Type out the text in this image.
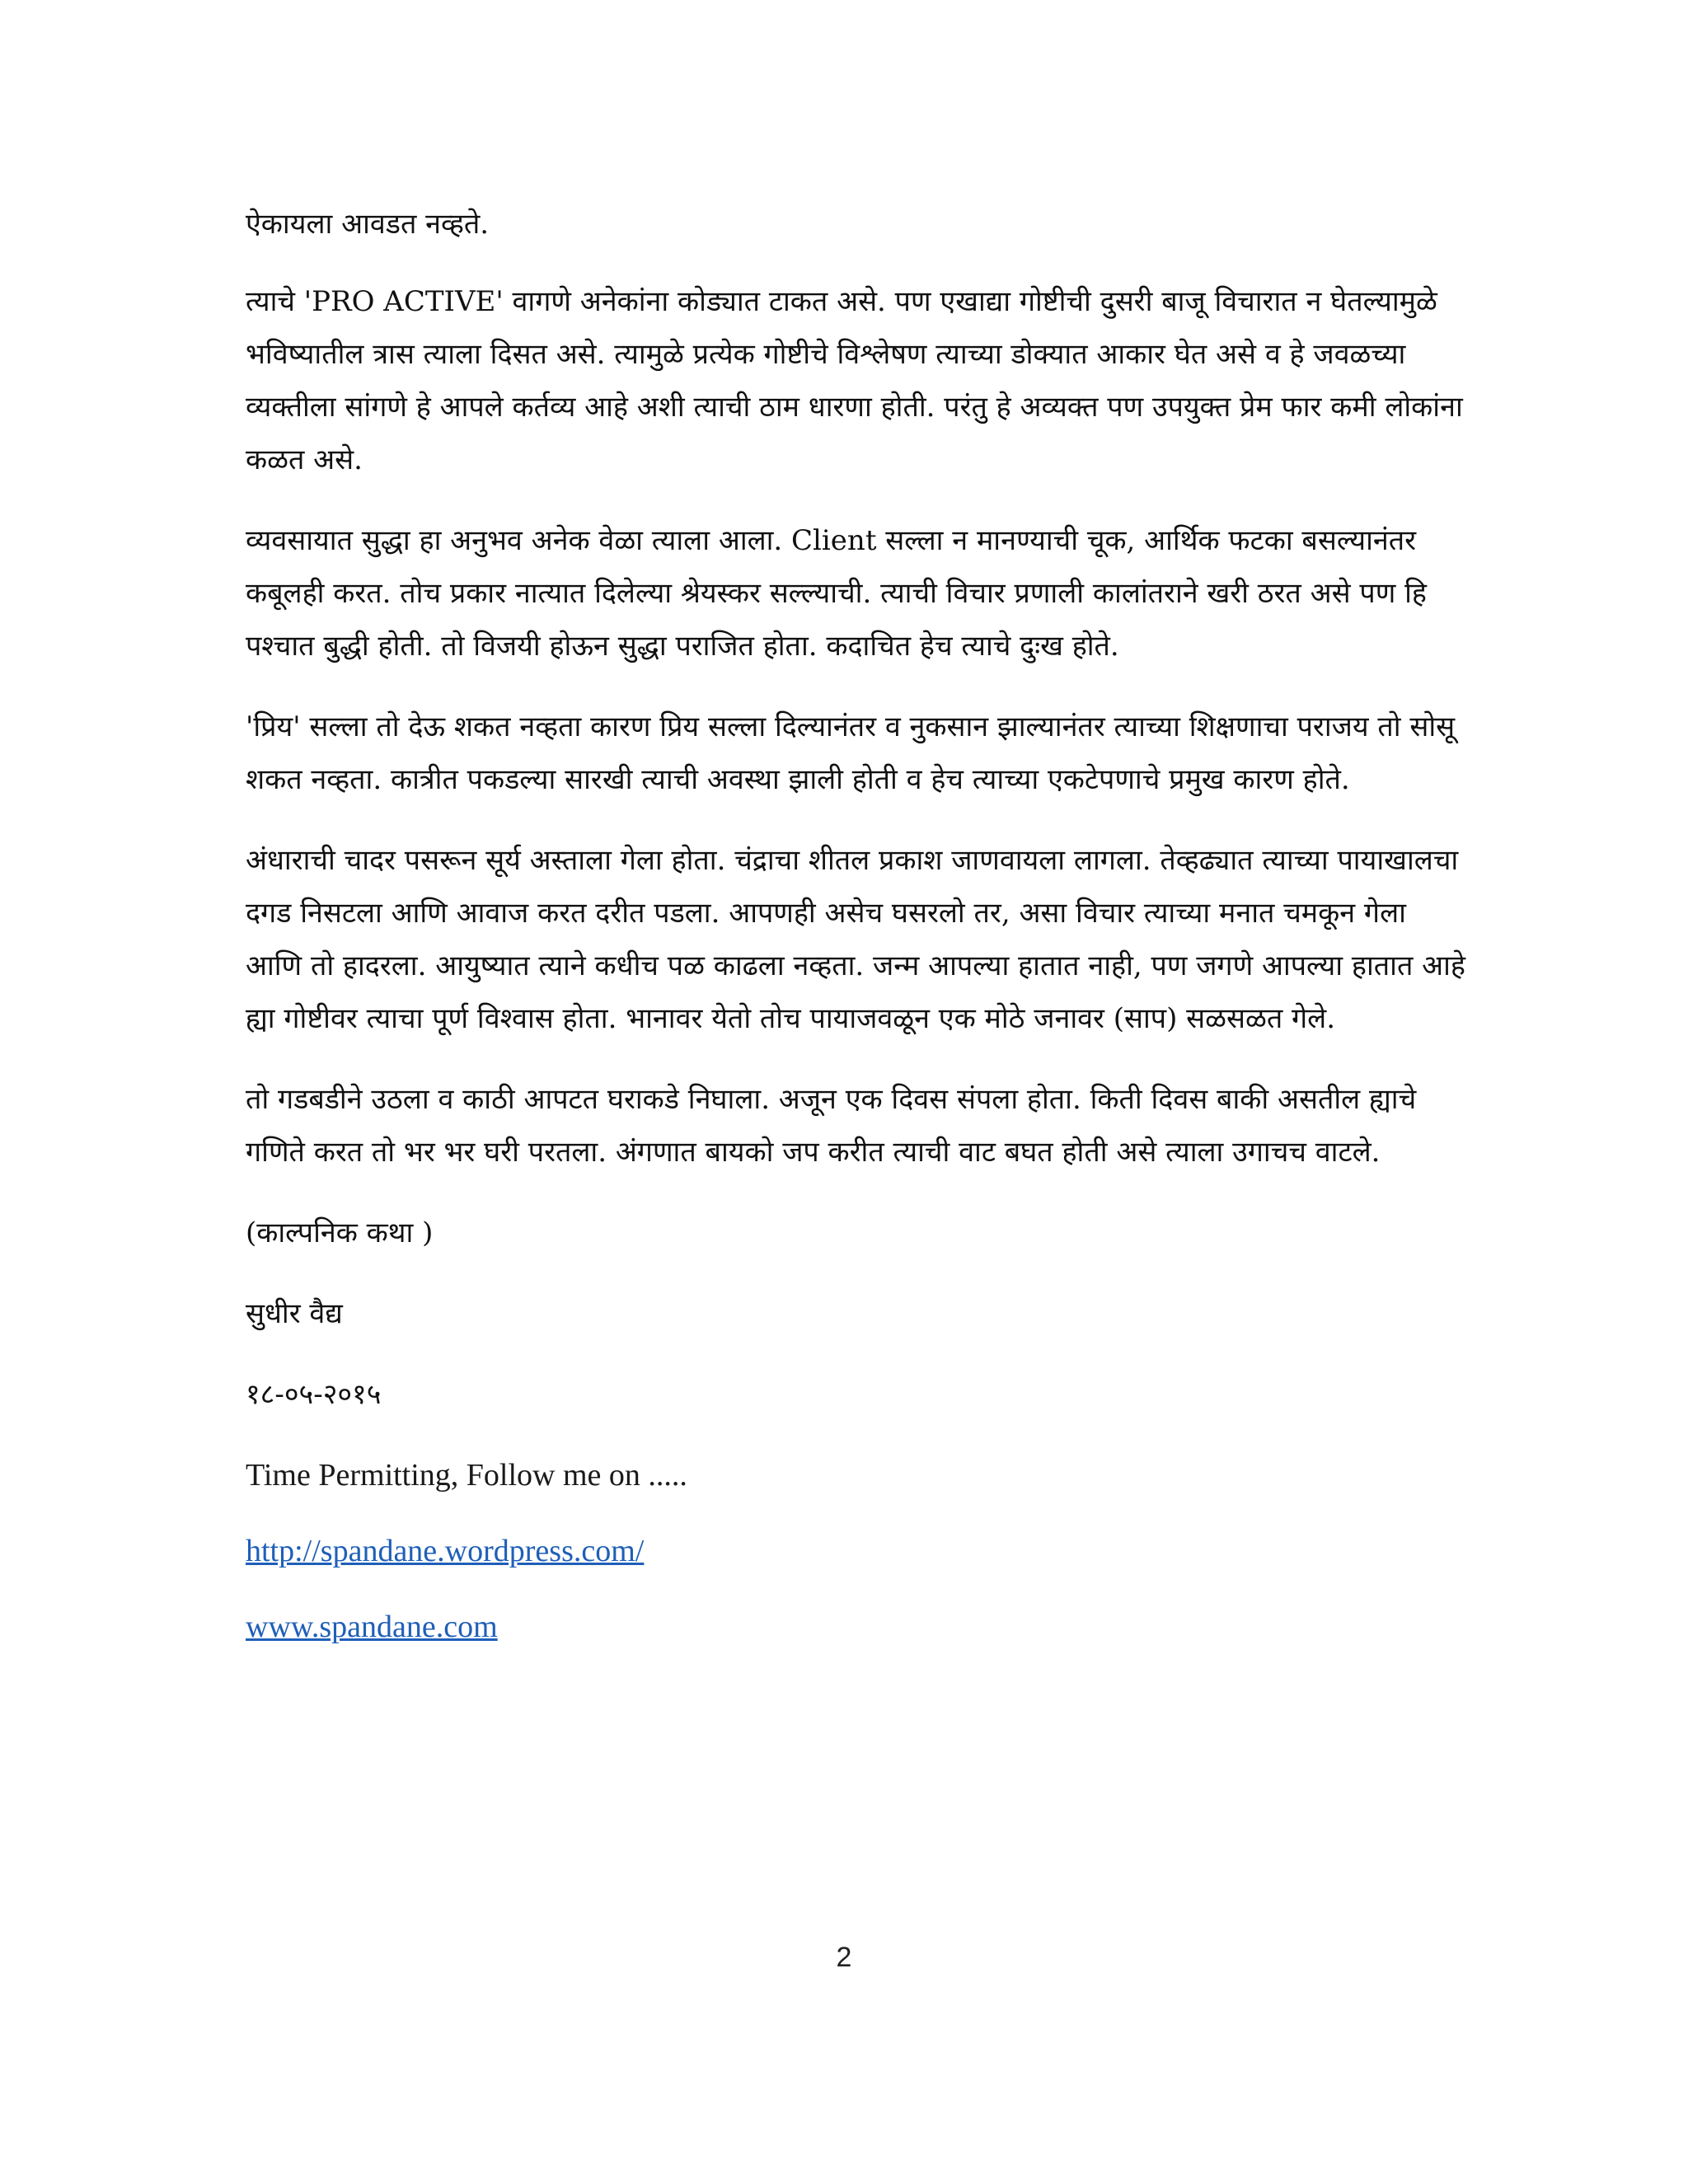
ऐकायला आवडत नव्हते.

त्याचे 'PRO ACTIVE' वागणे अनेकांना कोड्यात टाकत असे. पण एखाद्या गोष्टीची दुसरी बाजू विचारात न घेतल्यामुळे भविष्यातील त्रास त्याला दिसत असे. त्यामुळे प्रत्येक गोष्टीचे विश्लेषण त्याच्या डोक्यात आकार घेत असे व हे जवळच्या व्यक्तीला सांगणे हे आपले कर्तव्य आहे अशी त्याची ठाम धारणा होती. परंतु हे अव्यक्त पण उपयुक्त प्रेम फार कमी लोकांना कळत असे.

व्यवसायात सुद्धा हा अनुभव अनेक वेळा त्याला आला. Client सल्ला न मानण्याची चूक, आर्थिक फटका बसल्यानंतर कबूलही करत. तोच प्रकार नात्यात दिलेल्या श्रेयस्कर सल्ल्याची. त्याची विचार प्रणाली कालांतराने खरी ठरत असे पण हि पश्चात बुद्धी होती. तो विजयी होऊन सुद्धा पराजित होता. कदाचित हेच त्याचे दुःख होते.

'प्रिय' सल्ला तो देऊ शकत नव्हता कारण प्रिय सल्ला दिल्यानंतर व नुकसान झाल्यानंतर त्याच्या शिक्षणाचा पराजय तो सोसू शकत नव्हता. कात्रीत पकडल्या सारखी त्याची अवस्था झाली होती व हेच त्याच्या एकटेपणाचे प्रमुख कारण होते.

अंधाराची चादर पसरून सूर्य अस्ताला गेला होता. चंद्राचा शीतल प्रकाश जाणवायला लागला. तेव्हढ्यात त्याच्या पायाखालचा दगड निसटला आणि आवाज करत दरीत पडला. आपणही असेच घसरलो तर, असा विचार त्याच्या मनात चमकून गेला आणि तो हादरला. आयुष्यात त्याने कधीच पळ काढला नव्हता. जन्म आपल्या हातात नाही, पण जगणे आपल्या हातात आहे ह्या गोष्टीवर त्याचा पूर्ण विश्वास होता. भानावर येतो तोच पायाजवळून एक मोठे जनावर (साप) सळसळत गेले.

तो गडबडीने उठला व काठी आपटत घराकडे निघाला. अजून एक दिवस संपला होता. किती दिवस बाकी असतील ह्याचे गणिते करत तो भर भर घरी परतला. अंगणात बायको जप करीत त्याची वाट बघत होती असे त्याला उगाचच वाटले.

(काल्पनिक कथा )

सुधीर वैद्य

१८-०५-२०१५

Time Permitting, Follow me on .....

http://spandane.wordpress.com/
www.spandane.com
2
